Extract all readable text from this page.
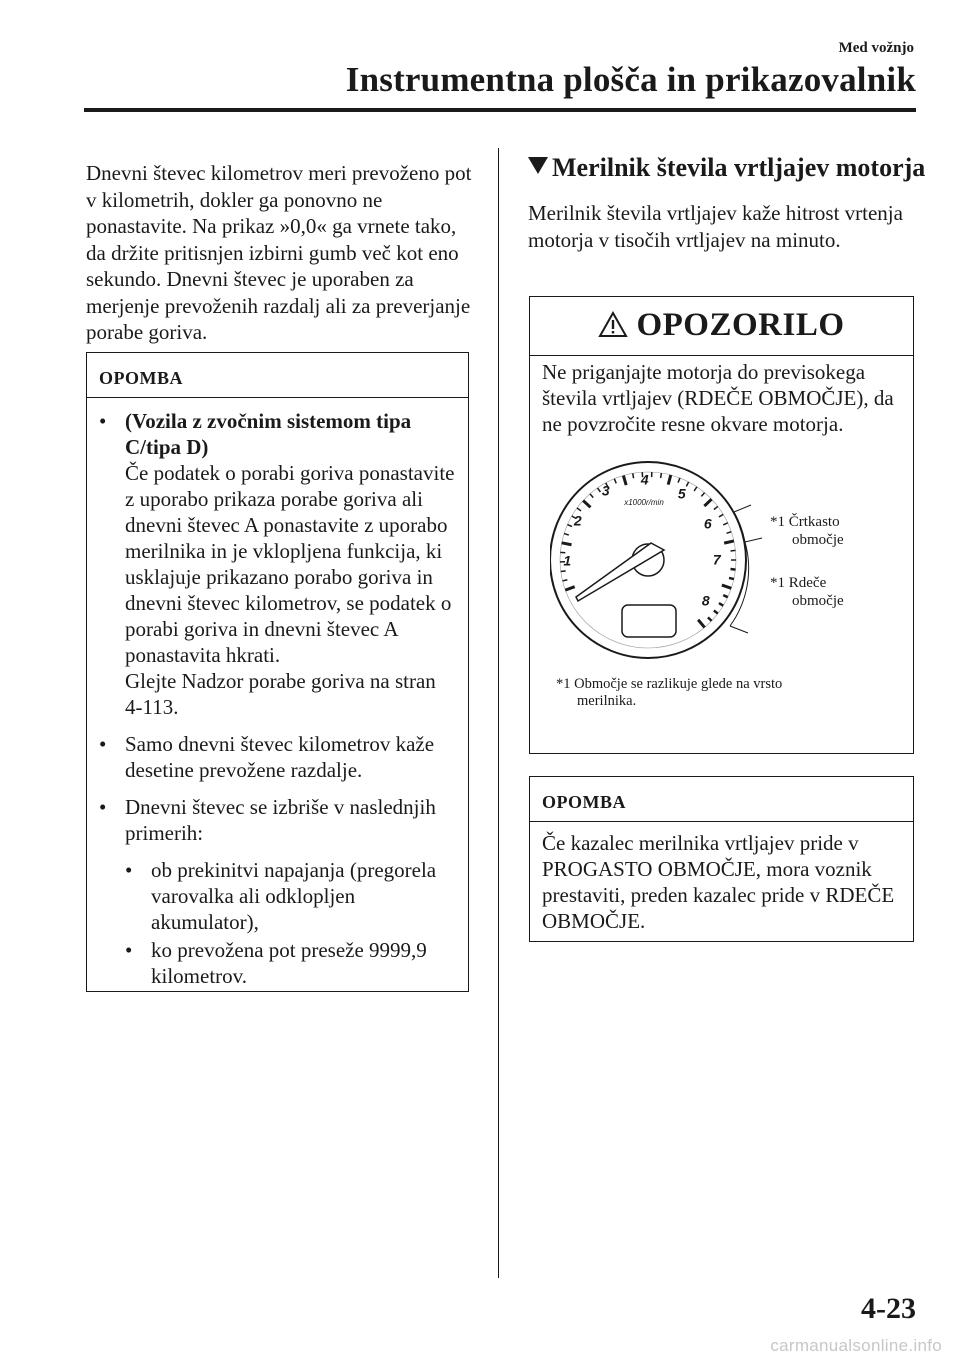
Med vožnjo
Instrumentna plošča in prikazovalnik
Dnevni števec kilometrov meri prevoženo pot v kilometrih, dokler ga ponovno ne ponastavite. Na prikaz »0,0« ga vrnete tako, da držite pritisnjen izbirni gumb več kot eno sekundo. Dnevni števec je uporaben za merjenje prevoženih razdalj ali za preverjanje porabe goriva.
OPOMBA
• (Vozila z zvočnim sistemom tipa C/tipa D)
Če podatek o porabi goriva ponastavite z uporabo prikaza porabe goriva ali dnevni števec A ponastavite z uporabo merilnika in je vklopljena funkcija, ki usklajuje prikazano porabo goriva in dnevni števec kilometrov, se podatek o porabi goriva in dnevni števec A ponastavita hkrati.
Glejte Nadzor porabe goriva na stran 4-113.
• Samo dnevni števec kilometrov kaže desetine prevožene razdalje.
• Dnevni števec se izbriše v naslednjih primerih:
• ob prekinitvi napajanja (pregorela varovalka ali odklopljen akumulator),
• ko prevožena pot preseže 9999,9 kilometrov.
Merilnik števila vrtljajev motorja
Merilnik števila vrtljajev kaže hitrost vrtenja motorja v tisočih vrtljajev na minuto.
OPOZORILO
Ne priganjajte motorja do previsokega števila vrtljajev (RDEČE OBMOČJE), da ne povzročite resne okvare motorja.
1
2
3
4
5
6
7
8
x1000r/min
*1 Črtkasto
območje
*1 Rdeče
območje
*1 Območje se razlikuje glede na vrsto
merilnika.
OPOMBA
Če kazalec merilnika vrtljajev pride v PROGASTO OBMOČJE, mora voznik prestaviti, preden kazalec pride v RDEČE OBMOČJE.
4-23
carmanualsonline.info
